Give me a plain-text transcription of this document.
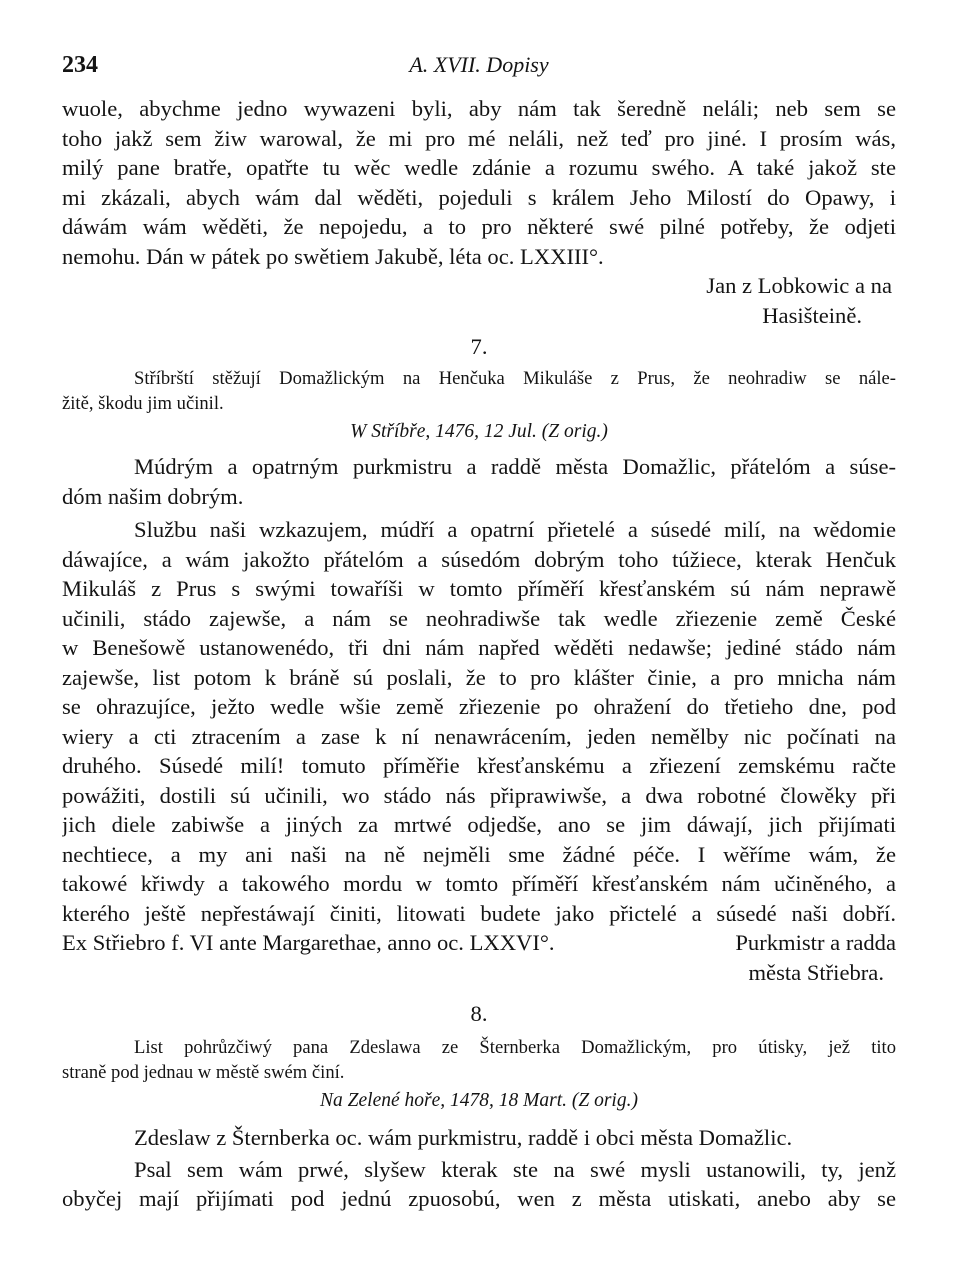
234	A. XVII. Dopisy
wuole, abychme jedno wywazeni byli, aby nám tak šeredně neláli; neb sem se
toho jakž sem žiw warowal, že mi pro mé neláli, než teď pro jiné. I prosím wás,
milý pane bratře, opatřte tu wěc wedle zdánie a rozumu swého. A také jakož ste
mi zkázali, abych wám dal wěděti, pojeduli s králem Jeho Milostí do Opawy, i
dáwám wám wěděti, že nepojedu, a to pro některé swé pilné potřeby, že odjeti
nemohu. Dán w pátek po swětiem Jakubě, léta oc. LXXIII°.
Jan z Lobkowic a na
Hasišteině.
7.
Stříbrští stěžují Domažlickým na Henčuka Mikuláše z Prus, že neohradiw se nále-
žitě, škodu jim učinil.
W Stříbře, 1476, 12 Jul. (Z orig.)
Múdrým a opatrným purkmistru a raddě města Domažlic, přátelóm a súse-
dóm našim dobrým.
Službu naši wzkazujem, múdří a opatrní přietelé a súsedé milí, na wědomie
dáwajíce, a wám jakožto přátelóm a súsedóm dobrým toho túžiece, kterak Henčuk
Mikuláš z Prus s swými towaříši w tomto příměří křesťanském sú nám neprawě
učinili, stádo zajewše, a nám se neohradiwše tak wedle zřiezenie země České
w Benešowě ustanowenédo, tři dni nám napřed wěděti nedawše; jediné stádo nám
zajewše, list potom k bráně sú poslali, že to pro klášter činie, a pro mnicha nám
se ohrazujíce, ježto wedle wšie země zřiezenie po ohražení do třetieho dne, pod
wiery a cti ztracením a zase k ní nenawrácením, jeden nemělby nic počínati na
druhého. Súsedé milí! tomuto příměřie křesťanskému a zřiezení zemskému račte
powážiti, dostili sú učinili, wo stádo nás připrawiwše, a dwa robotné člowěky při
jich diele zabiwše a jiných za mrtwé odjedše, ano se jim dáwají, jich přijímati
nechtiece, a my ani naši na ně nejměli sme žádné péče. I wěříme wám, že
takowé křiwdy a takowého mordu w tomto příměří křesťanském nám učiněného, a
kterého ještě nepřestáwají činiti, litowati budete jako přictelé a súsedé naši dobří.
Ex Střiebro f. VI ante Margarethae, anno oc. LXXVI°.	Purkmistr a radda
města Střiebra.
8.
List pohrůzčiwý pana Zdeslawa ze Šternberka Domažlickým, pro útisky, jež tito
straně pod jednau w městě swém činí.
Na Zelené hoře, 1478, 18 Mart. (Z orig.)
Zdeslaw z Šternberka oc. wám purkmistru, raddě i obci města Domažlic.
Psal sem wám prwé, slyšew kterak ste na swé mysli ustanowili, ty, jenž
obyčej mají přijímati pod jednú zpuosobú, wen z města utiskati, anebo aby se
